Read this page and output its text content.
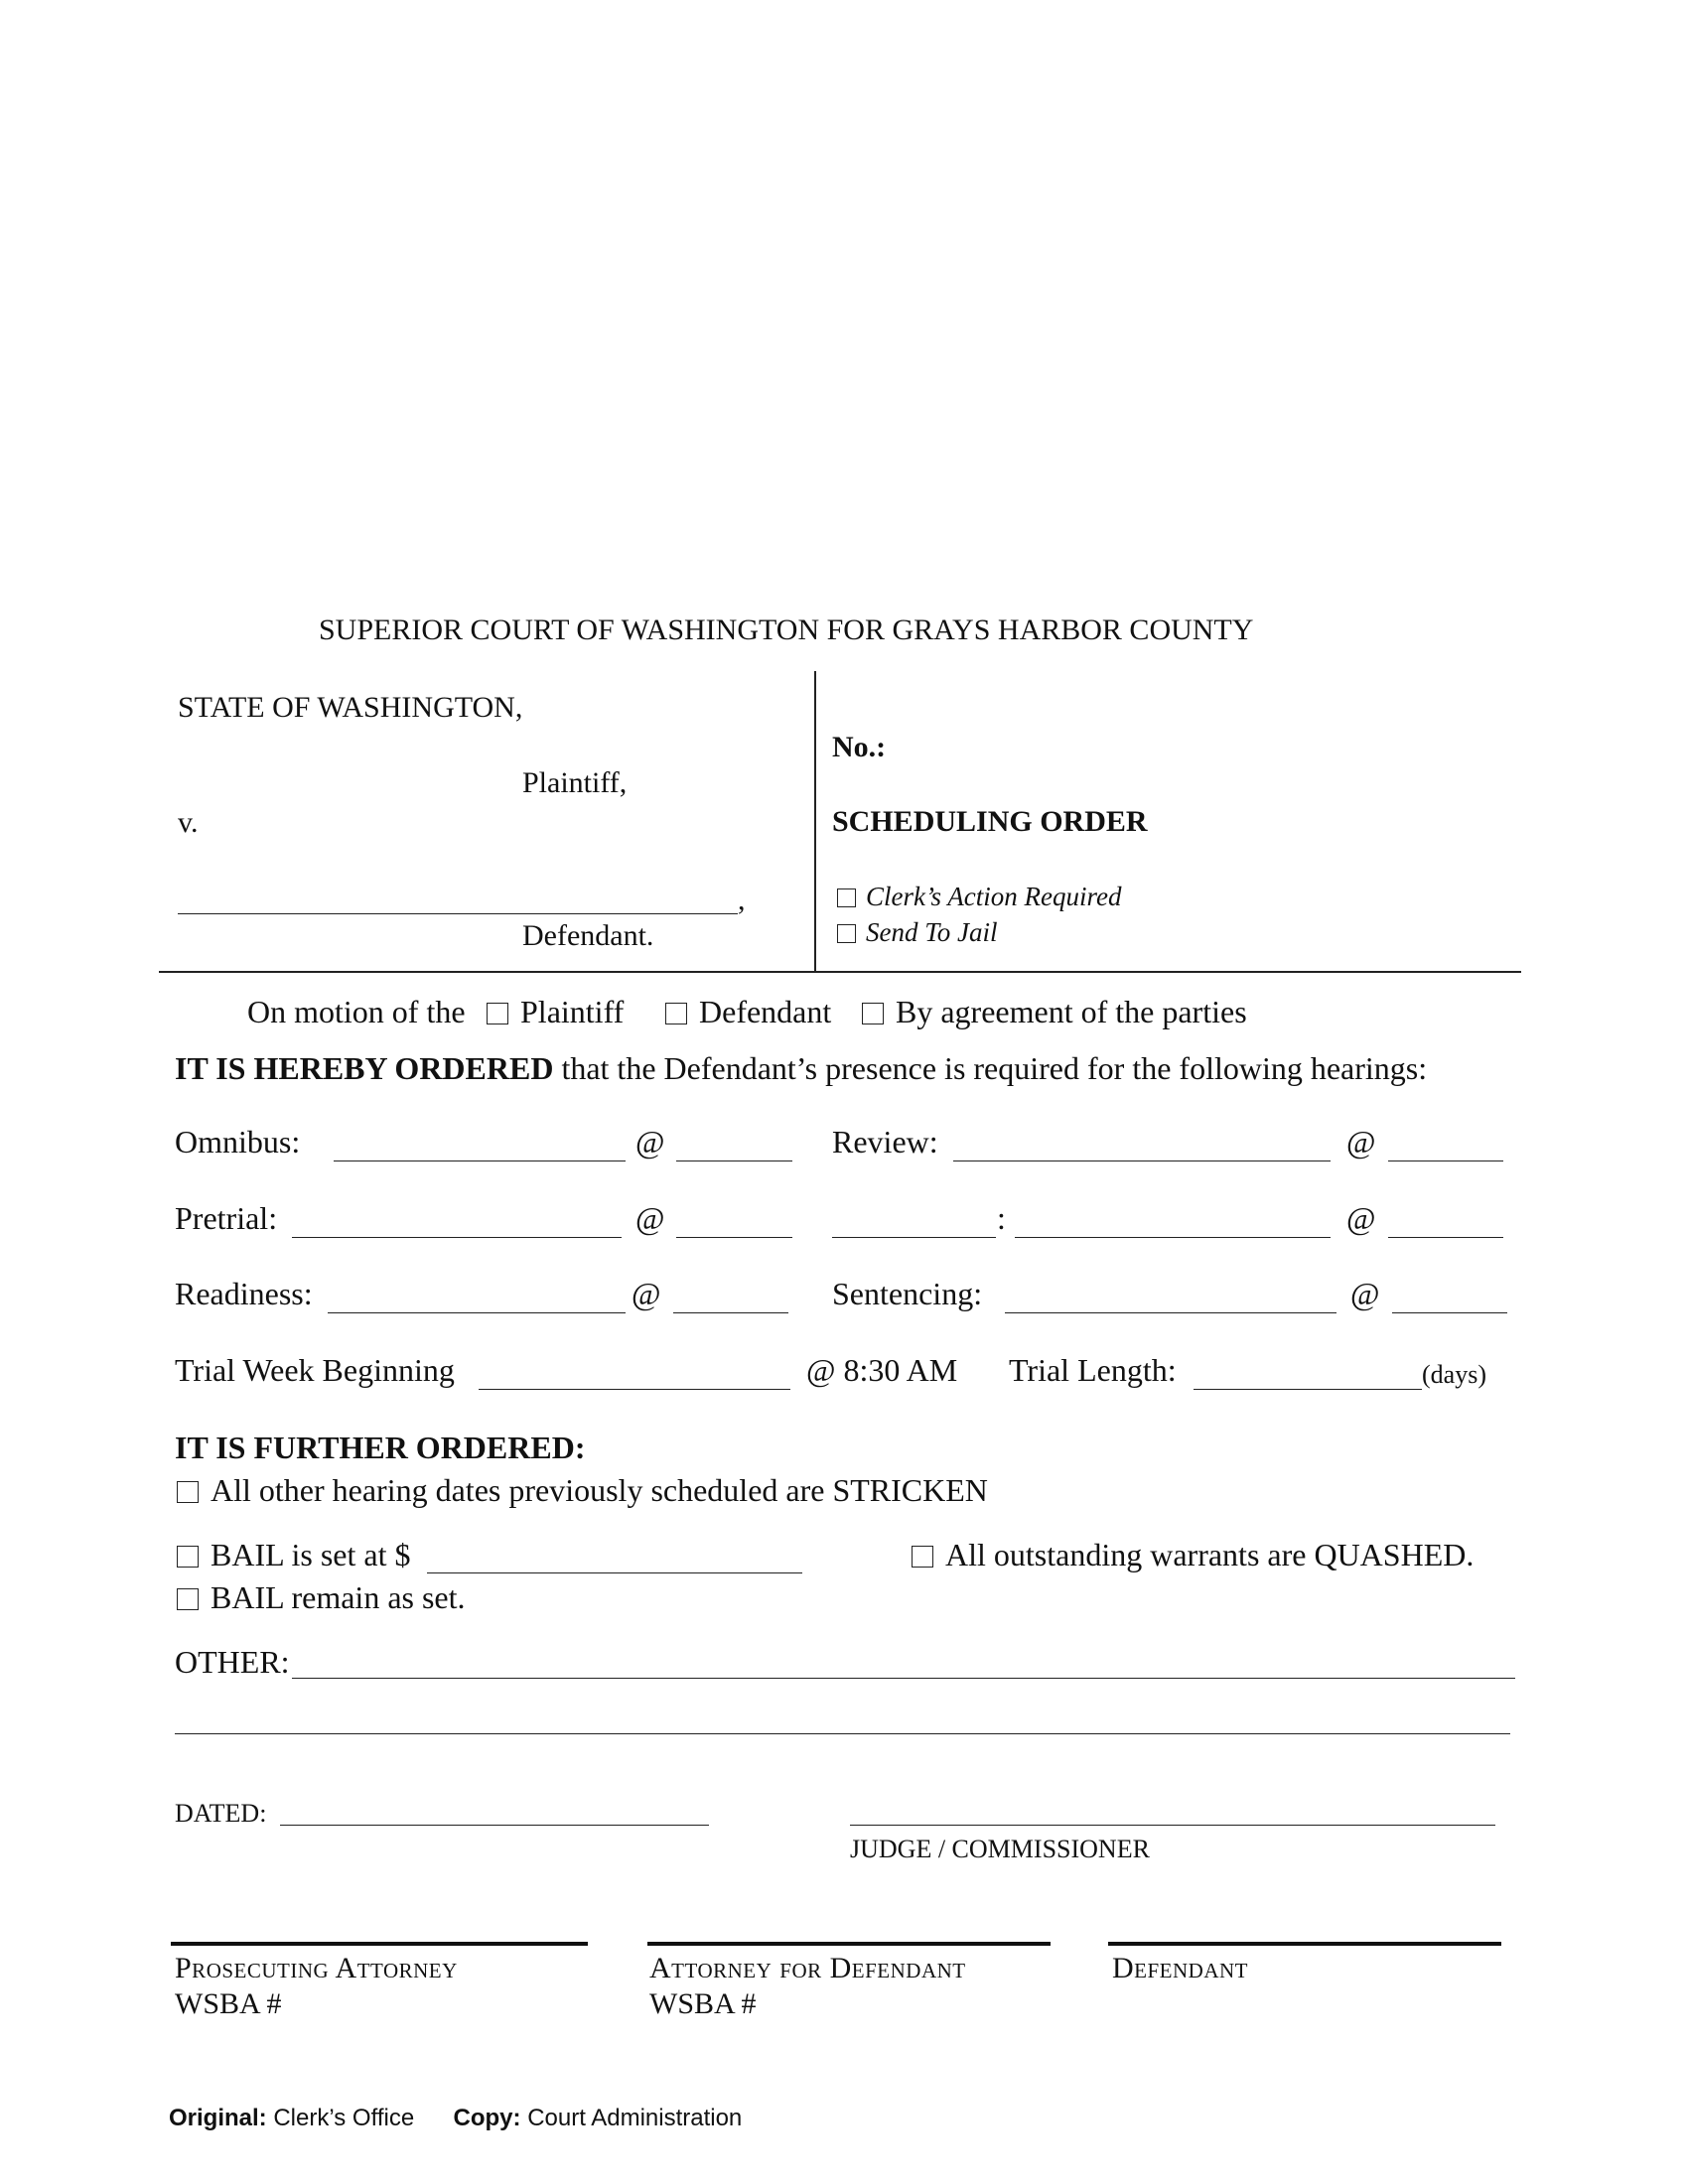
SUPERIOR COURT OF WASHINGTON FOR GRAYS HARBOR COUNTY
STATE OF WASHINGTON,
Plaintiff,
v.
,
Defendant.
No.:
SCHEDULING ORDER
Clerk’s Action Required
Send To Jail
On motion of the	Plaintiff	Defendant	By agreement of the parties
IT IS HEREBY ORDERED that the Defendant’s presence is required for the following hearings:
Omnibus:	@	Review:	@
Pretrial:	@	:	@
Readiness:	@	Sentencing:	@
Trial Week Beginning	@ 8:30 AM Trial Length:	(days)
IT IS FURTHER ORDERED:
All other hearing dates previously scheduled are STRICKEN
BAIL is set at $	All outstanding warrants are QUASHED.
BAIL remain as set.
OTHER:
DATED:
JUDGE / COMMISSIONER
Prosecuting Attorney
WSBA #
Attorney for Defendant
WSBA #
Defendant
Original: Clerk’s Office Copy: Court Administration
